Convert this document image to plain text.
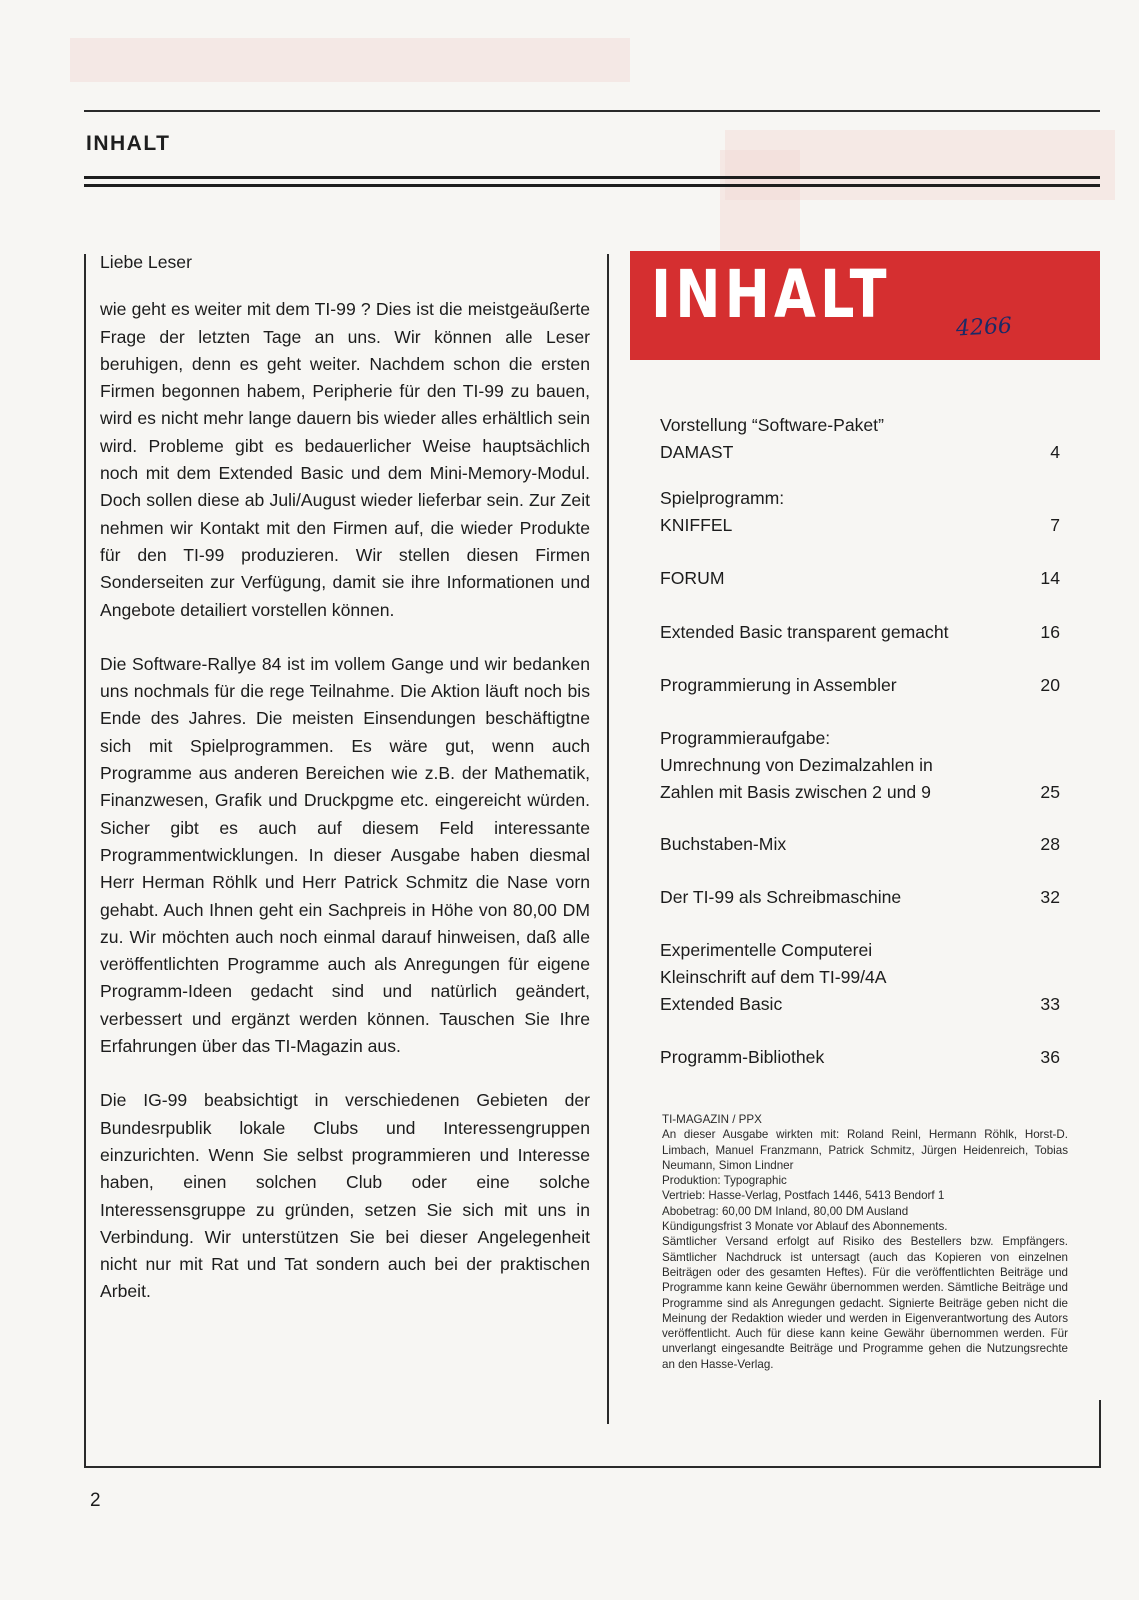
INHALT
Liebe Leser

wie geht es weiter mit dem TI-99 ? Dies ist die meistgeäußerte Frage der letzten Tage an uns. Wir können alle Leser beruhigen, denn es geht weiter. Nachdem schon die ersten Firmen begonnen habem, Peripherie für den TI-99 zu bauen, wird es nicht mehr lange dauern bis wieder alles erhältlich sein wird. Probleme gibt es bedauerlicher Weise hauptsächlich noch mit dem Extended Basic und dem Mini-Memory-Modul. Doch sollen diese ab Juli/August wieder lieferbar sein. Zur Zeit nehmen wir Kontakt mit den Firmen auf, die wieder Produkte für den TI-99 produzieren. Wir stellen diesen Firmen Sonderseiten zur Verfügung, damit sie ihre Informationen und Angebote detailiert vorstellen können.

Die Software-Rallye 84 ist im vollem Gange und wir bedanken uns nochmals für die rege Teilnahme. Die Aktion läuft noch bis Ende des Jahres. Die meisten Einsendungen beschäftigtne sich mit Spielprogrammen. Es wäre gut, wenn auch Programme aus anderen Bereichen wie z.B. der Mathematik, Finanzwesen, Grafik und Druckpgme etc. eingereicht würden. Sicher gibt es auch auf diesem Feld interessante Programmentwicklungen. In dieser Ausgabe haben diesmal Herr Herman Röhlk und Herr Patrick Schmitz die Nase vorn gehabt. Auch Ihnen geht ein Sachpreis in Höhe von 80,00 DM zu. Wir möchten auch noch einmal darauf hinweisen, daß alle veröffentlichten Programme auch als Anregungen für eigene Programm-Ideen gedacht sind und natürlich geändert, verbessert und ergänzt werden können. Tauschen Sie Ihre Erfahrungen über das TI-Magazin aus.

Die IG-99 beabsichtigt in verschiedenen Gebieten der Bundesrpublik lokale Clubs und Interessengruppen einzurichten. Wenn Sie selbst programmieren und Interesse haben, einen solchen Club oder eine solche Interessensgruppe zu gründen, setzen Sie sich mit uns in Verbindung. Wir unterstützen Sie bei dieser Angelegenheit nicht nur mit Rat und Tat sondern auch bei der praktischen Arbeit.

INHALT	4266
Vorstellung “Software-Paket”
DAMAST	4
Spielprogramm:
KNIFFEL	7
FORUM	14
Extended Basic transparent gemacht	16
Programmierung in Assembler	20
Programmieraufgabe:
Umrechnung von Dezimalzahlen in
Zahlen mit Basis zwischen 2 und 9	25
Buchstaben-Mix	28
Der TI-99 als Schreibmaschine	32
Experimentelle Computerei
Kleinschrift auf dem TI-99/4A
Extended Basic	33
Programm-Bibliothek	36
TI-MAGAZIN / PPX
An dieser Ausgabe wirkten mit: Roland Reinl, Hermann Röhlk, Horst-D. Limbach, Manuel Franzmann, Patrick Schmitz, Jürgen Heidenreich, Tobias Neumann, Simon Lindner
Produktion: Typographic
Vertrieb: Hasse-Verlag, Postfach 1446, 5413 Bendorf 1
Abobetrag: 60,00 DM Inland, 80,00 DM Ausland
Kündigungsfrist 3 Monate vor Ablauf des Abonnements.
Sämtlicher Versand erfolgt auf Risiko des Bestellers bzw. Empfängers. Sämtlicher Nachdruck ist untersagt (auch das Kopieren von einzelnen Beiträgen oder des gesamten Heftes). Für die veröffentlichten Beiträge und Programme kann keine Gewähr übernommen werden. Sämtliche Beiträge und Programme sind als Anregungen gedacht. Signierte Beiträge geben nicht die Meinung der Redaktion wieder und werden in Eigenverantwortung des Autors veröffentlicht. Auch für diese kann keine Gewähr übernommen werden. Für unverlangt eingesandte Beiträge und Programme gehen die Nutzungsrechte an den Hasse-Verlag.
2
